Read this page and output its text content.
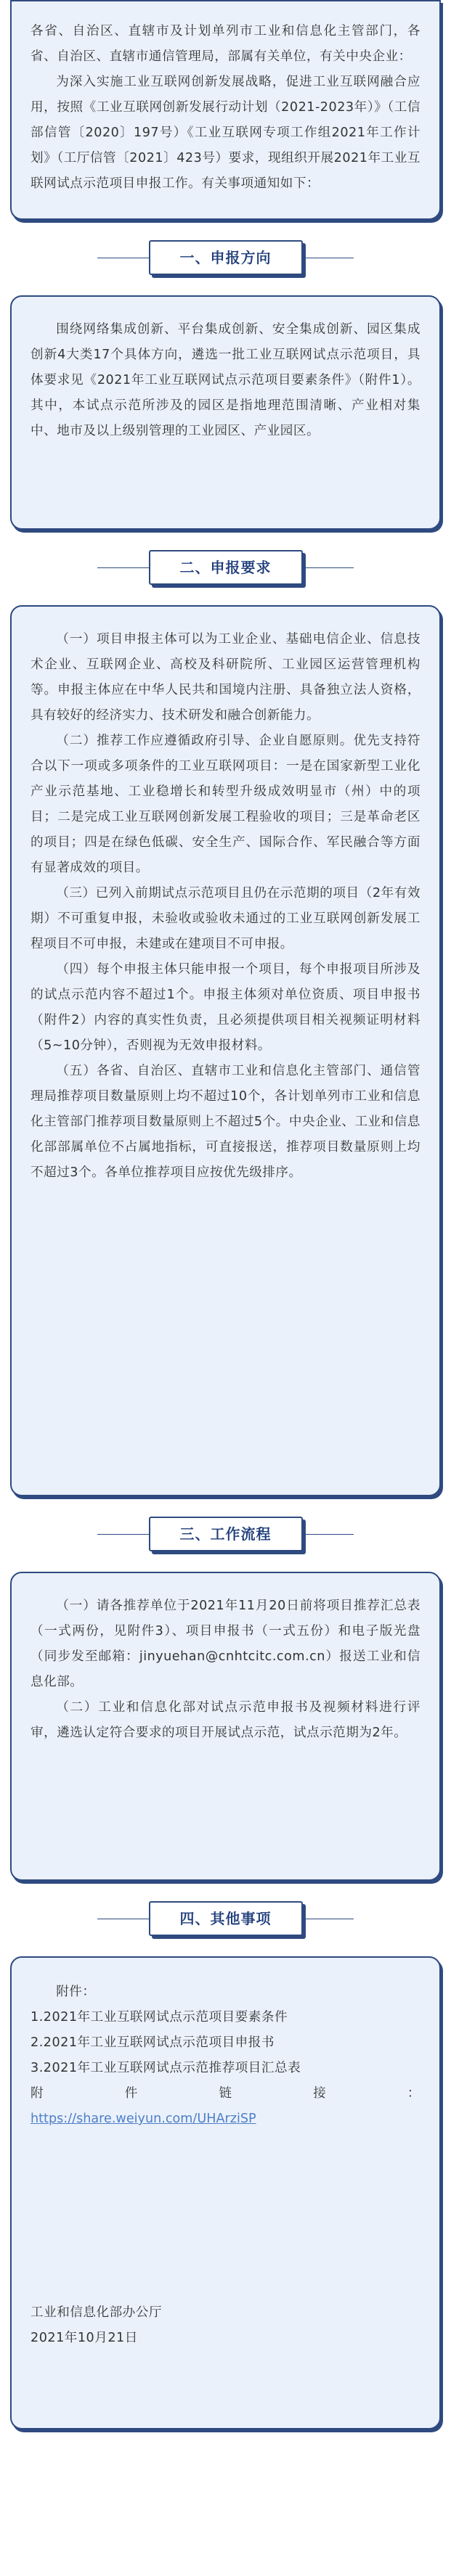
各省、自治区、直辖市及计划单列市工业和信息化主管部门，各省、自治区、直辖市通信管理局，部属有关单位，有关中央企业：

为深入实施工业互联网创新发展战略，促进工业互联网融合应用，按照《工业互联网创新发展行动计划（2021-2023年）》（工信部信管〔2020〕197号）《工业互联网专项工作组2021年工作计划》（工厅信管〔2021〕423号）要求，现组织开展2021年工业互联网试点示范项目申报工作。有关事项通知如下：

一、申报方向

围绕网络集成创新、平台集成创新、安全集成创新、园区集成创新4大类17个具体方向，遴选一批工业互联网试点示范项目，具体要求见《2021年工业互联网试点示范项目要素条件》（附件1）。其中，本试点示范所涉及的园区是指地理范围清晰、产业相对集中、地市及以上级别管理的工业园区、产业园区。

二、申报要求

（一）项目申报主体可以为工业企业、基础电信企业、信息技术企业、互联网企业、高校及科研院所、工业园区运营管理机构等。申报主体应在中华人民共和国境内注册、具备独立法人资格，具有较好的经济实力、技术研发和融合创新能力。

（二）推荐工作应遵循政府引导、企业自愿原则。优先支持符合以下一项或多项条件的工业互联网项目：一是在国家新型工业化产业示范基地、工业稳增长和转型升级成效明显市（州）中的项目；二是完成工业互联网创新发展工程验收的项目；三是革命老区的项目；四是在绿色低碳、安全生产、国际合作、军民融合等方面有显著成效的项目。

（三）已列入前期试点示范项目且仍在示范期的项目（2年有效期）不可重复申报，未验收或验收未通过的工业互联网创新发展工程项目不可申报，未建或在建项目不可申报。

（四）每个申报主体只能申报一个项目，每个申报项目所涉及的试点示范内容不超过1个。申报主体须对单位资质、项目申报书（附件2）内容的真实性负责，且必须提供项目相关视频证明材料（5~10分钟），否则视为无效申报材料。

（五）各省、自治区、直辖市工业和信息化主管部门、通信管理局推荐项目数量原则上均不超过10个，各计划单列市工业和信息化主管部门推荐项目数量原则上不超过5个。中央企业、工业和信息化部部属单位不占属地指标，可直接报送，推荐项目数量原则上均不超过3个。各单位推荐项目应按优先级排序。

三、工作流程

（一）请各推荐单位于2021年11月20日前将项目推荐汇总表（一式两份，见附件3）、项目申报书（一式五份）和电子版光盘（同步发至邮箱：jinyuehan@cnhtcitc.com.cn）报送工业和信息化部。

（二）工业和信息化部对试点示范申报书及视频材料进行评审，遴选认定符合要求的项目开展试点示范，试点示范期为2年。

四、其他事项

附件：

1.2021年工业互联网试点示范项目要素条件

2.2021年工业互联网试点示范项目申报书

3.2021年工业互联网试点示范推荐项目汇总表

附	件	链	接	：

https://share.weiyun.com/UHArziSP

工业和信息化部办公厅

2021年10月21日
